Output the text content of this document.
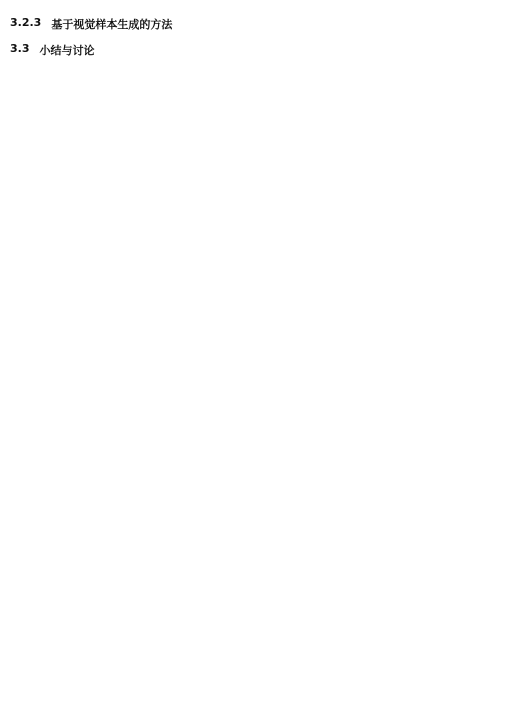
3.2.3 基于视觉样本生成的方法

3.3 小结与讨论
